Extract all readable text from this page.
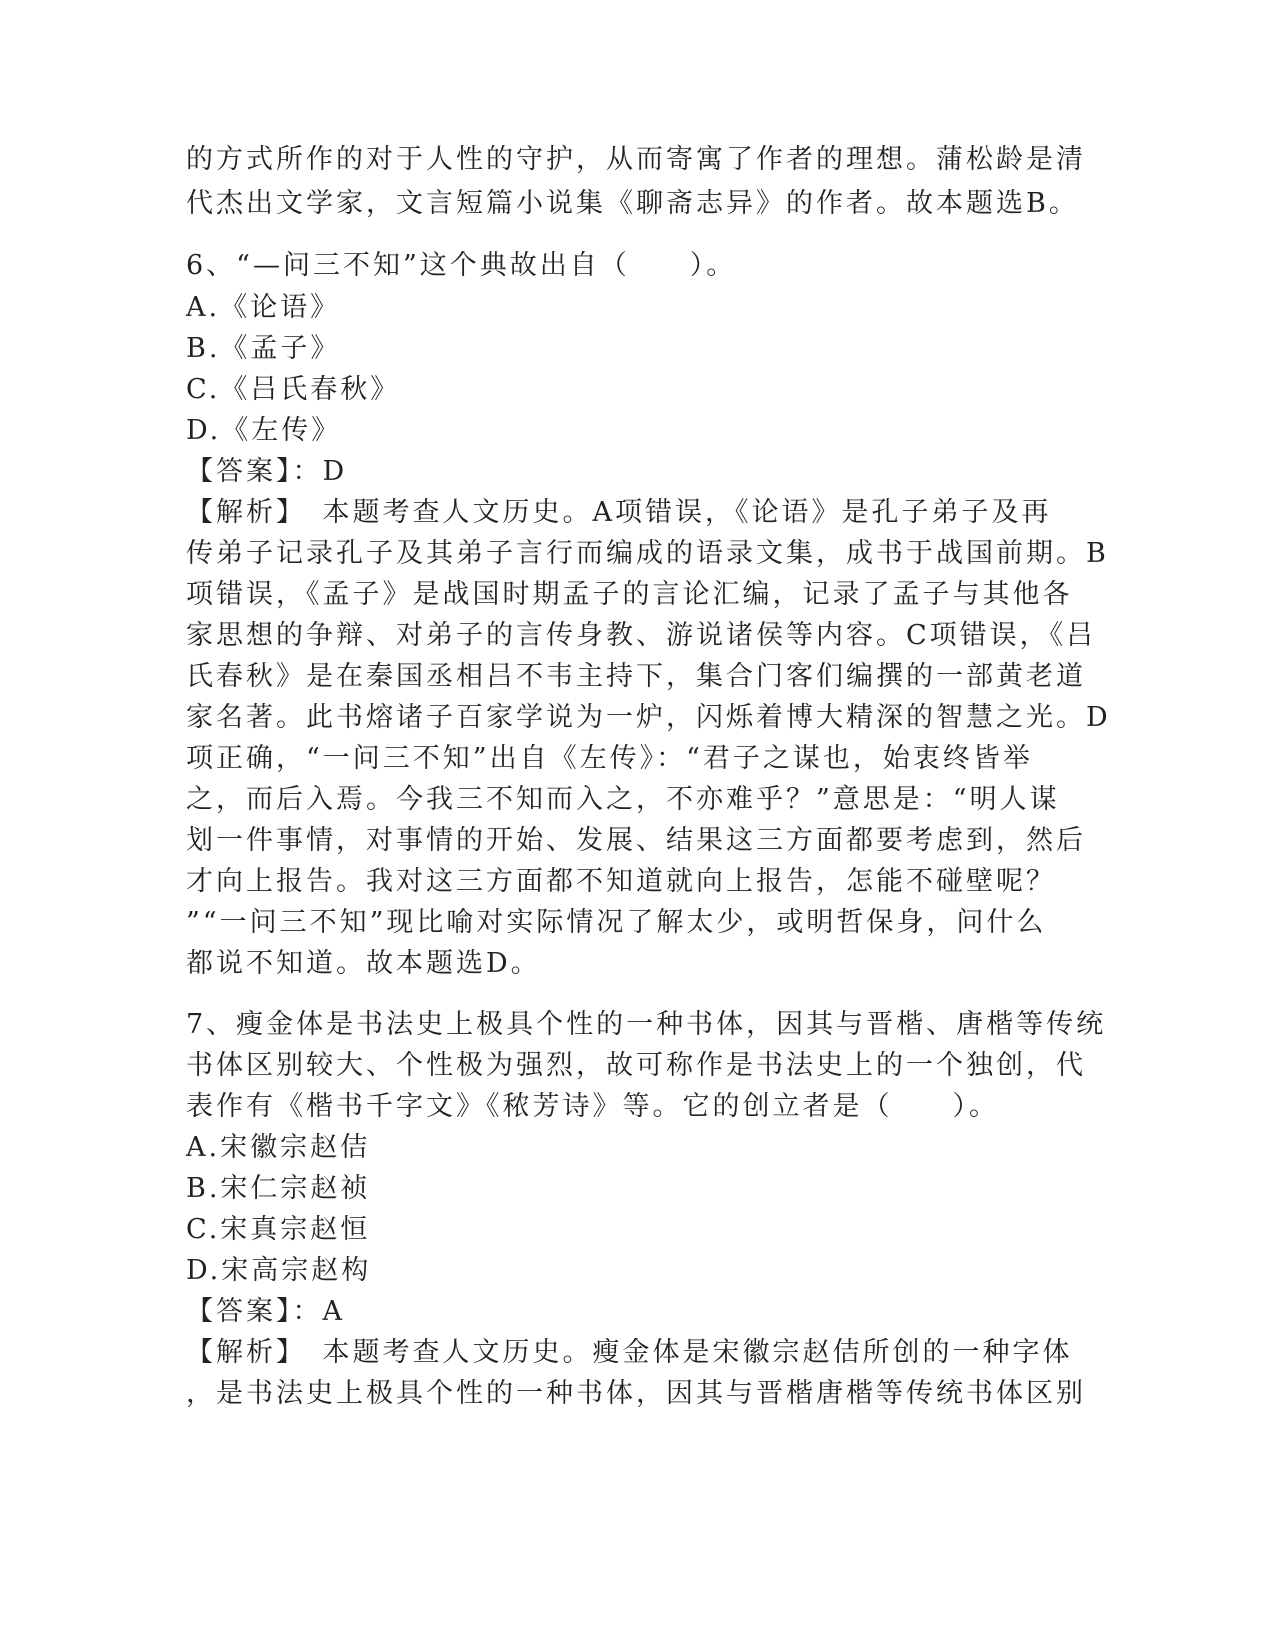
的方式所作的对于人性的守护，从而寄寓了作者的理想。蒲松龄是清
代杰出文学家，文言短篇小说集《聊斋志异》的作者。故本题选B。
6、“—问三不知”这个典故出自（　　）。
A.《论语》
B.《孟子》
C.《吕氏春秋》
D.《左传》
【答案】：D
【解析】　本题考查人文历史。A项错误，《论语》是孔子弟子及再
传弟子记录孔子及其弟子言行而编成的语录文集，成书于战国前期。B
项错误，《孟子》是战国时期孟子的言论汇编，记录了孟子与其他各
家思想的争辩、对弟子的言传身教、游说诸侯等内容。C项错误，《吕
氏春秋》是在秦国丞相吕不韦主持下，集合门客们编撰的一部黄老道
家名著。此书熔诸子百家学说为一炉，闪烁着博大精深的智慧之光。D
项正确，“一问三不知”出自《左传》：“君子之谋也，始衷终皆举
之，而后入焉。今我三不知而入之，不亦难乎？”意思是：“明人谋
划一件事情，对事情的开始、发展、结果这三方面都要考虑到，然后
才向上报告。我对这三方面都不知道就向上报告，怎能不碰壁呢？
”“一问三不知”现比喻对实际情况了解太少，或明哲保身，问什么
都说不知道。故本题选D。
7、瘦金体是书法史上极具个性的一种书体，因其与晋楷、唐楷等传统
书体区别较大、个性极为强烈，故可称作是书法史上的一个独创，代
表作有《楷书千字文》《秾芳诗》等。它的创立者是（　　）。
A.宋徽宗赵佶
B.宋仁宗赵祯
C.宋真宗赵恒
D.宋高宗赵构
【答案】：A
【解析】　本题考查人文历史。瘦金体是宋徽宗赵佶所创的一种字体
，是书法史上极具个性的一种书体，因其与晋楷唐楷等传统书体区别
